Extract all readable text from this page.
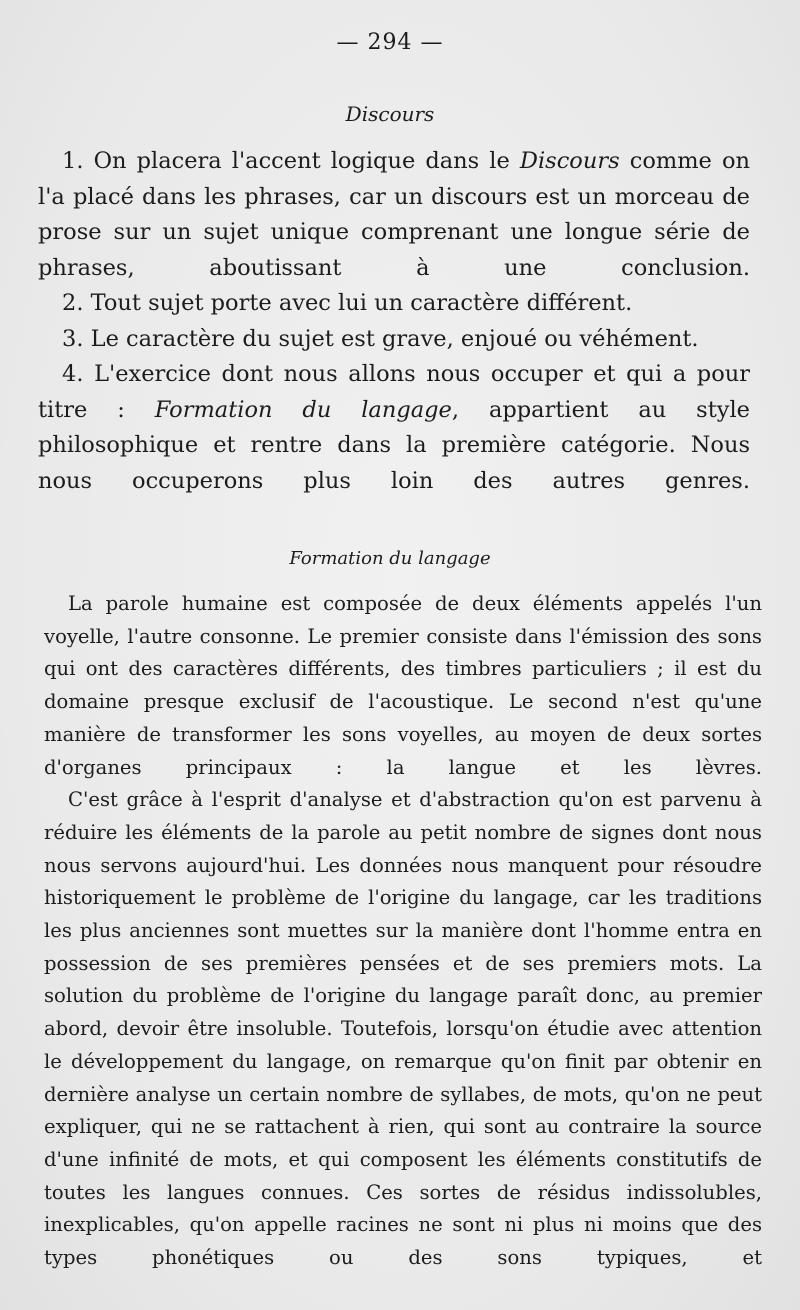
— 294 —
Discours

1. On placera l'accent logique dans le Discours comme on l'a placé dans les phrases, car un discours est un morceau de prose sur un sujet unique comprenant une longue série de phrases, aboutissant à une conclusion.

2. Tout sujet porte avec lui un caractère différent.

3. Le caractère du sujet est grave, enjoué ou véhément.

4. L'exercice dont nous allons nous occuper et qui a pour titre : Formation du langage, appartient au style philosophique et rentre dans la première catégorie. Nous nous occuperons plus loin des autres genres.

Formation du langage

La parole humaine est composée de deux éléments appelés l'un voyelle, l'autre consonne. Le premier consiste dans l'émission des sons qui ont des caractères différents, des timbres particuliers ; il est du domaine presque exclusif de l'acoustique. Le second n'est qu'une manière de transformer les sons voyelles, au moyen de deux sortes d'organes principaux : la langue et les lèvres.

C'est grâce à l'esprit d'analyse et d'abstraction qu'on est parvenu à réduire les éléments de la parole au petit nombre de signes dont nous nous servons aujourd'hui. Les données nous manquent pour résoudre historiquement le problème de l'origine du langage, car les traditions les plus anciennes sont muettes sur la manière dont l'homme entra en possession de ses premières pensées et de ses premiers mots. La solution du problème de l'origine du langage paraît donc, au premier abord, devoir être insoluble. Toutefois, lorsqu'on étudie avec attention le développement du langage, on remarque qu'on finit par obtenir en dernière analyse un certain nombre de syllabes, de mots, qu'on ne peut expliquer, qui ne se rattachent à rien, qui sont au contraire la source d'une infinité de mots, et qui composent les éléments constitutifs de toutes les langues connues. Ces sortes de résidus indissolubles, inexplicables, qu'on appelle racines ne sont ni plus ni moins que des types phonétiques ou des sons typiques, et
